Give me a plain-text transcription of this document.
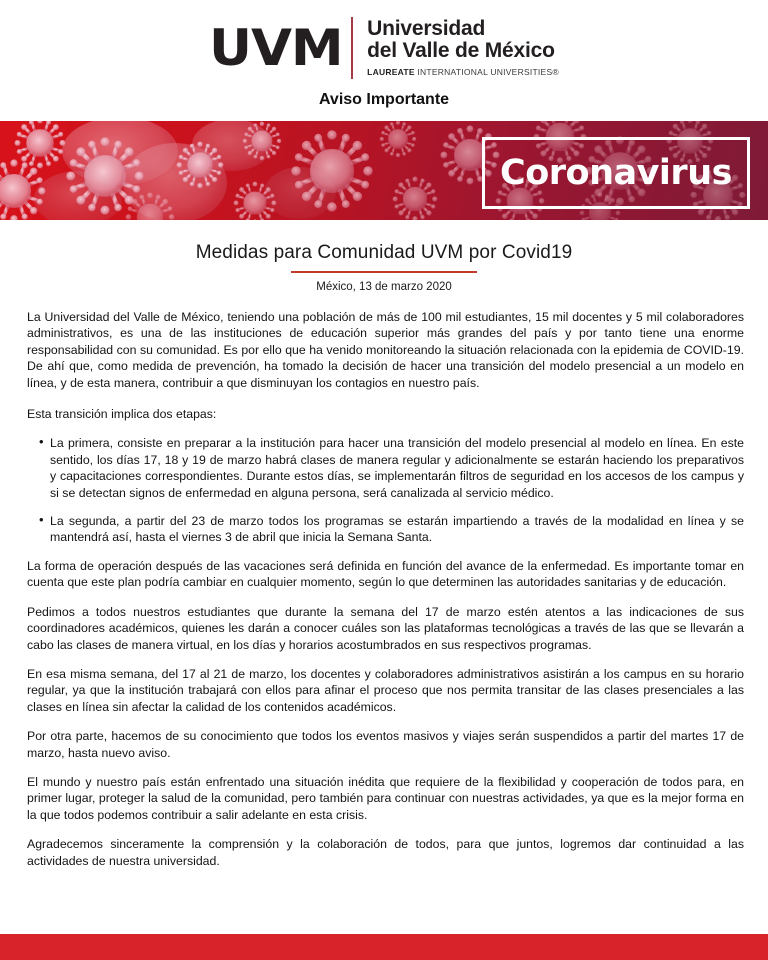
UVM	Universidad
del Valle de México
LAUREATE INTERNATIONAL UNIVERSITIES®
Aviso Importante
Coronavirus
Medidas para Comunidad UVM por Covid19
México, 13 de marzo 2020

La Universidad del Valle de México, teniendo una población de más de 100 mil estudiantes, 15 mil docentes y 5 mil colaboradores administrativos, es una de las instituciones de educación superior más grandes del país y por tanto tiene una enorme responsabilidad con su comunidad. Es por ello que ha venido monitoreando la situación relacionada con la epidemia de COVID-19. De ahí que, como medida de prevención, ha tomado la decisión de hacer una transición del modelo presencial a un modelo en línea, y de esta manera, contribuir a que disminuyan los contagios en nuestro país.

Esta transición implica dos etapas:

• La primera, consiste en preparar a la institución para hacer una transición del modelo presencial al modelo en línea. En este sentido, los días 17, 18 y 19 de marzo habrá clases de manera regular y adicionalmente se estarán haciendo los preparativos y capacitaciones correspondientes. Durante estos días, se implementarán filtros de seguridad en los accesos de los campus y si se detectan signos de enfermedad en alguna persona, será canalizada al servicio médico.
• La segunda, a partir del 23 de marzo todos los programas se estarán impartiendo a través de la modalidad en línea y se mantendrá así, hasta el viernes 3 de abril que inicia la Semana Santa.

La forma de operación después de las vacaciones será definida en función del avance de la enfermedad. Es importante tomar en cuenta que este plan podría cambiar en cualquier momento, según lo que determinen las autoridades sanitarias y de educación.

Pedimos a todos nuestros estudiantes que durante la semana del 17 de marzo estén atentos a las indicaciones de sus coordinadores académicos, quienes les darán a conocer cuáles son las plataformas tecnológicas a través de las que se llevarán a cabo las clases de manera virtual, en los días y horarios acostumbrados en sus respectivos programas.

En esa misma semana, del 17 al 21 de marzo, los docentes y colaboradores administrativos asistirán a los campus en su horario regular, ya que la institución trabajará con ellos para afinar el proceso que nos permita transitar de las clases presenciales a las clases en línea sin afectar la calidad de los contenidos académicos.

Por otra parte, hacemos de su conocimiento que todos los eventos masivos y viajes serán suspendidos a partir del martes 17 de marzo, hasta nuevo aviso.

El mundo y nuestro país están enfrentado una situación inédita que requiere de la flexibilidad y cooperación de todos para, en primer lugar, proteger la salud de la comunidad, pero también para continuar con nuestras actividades, ya que es la mejor forma en la que todos podemos contribuir a salir adelante en esta crisis.

Agradecemos sinceramente la comprensión y la colaboración de todos, para que juntos, logremos dar continuidad a las actividades de nuestra universidad.
